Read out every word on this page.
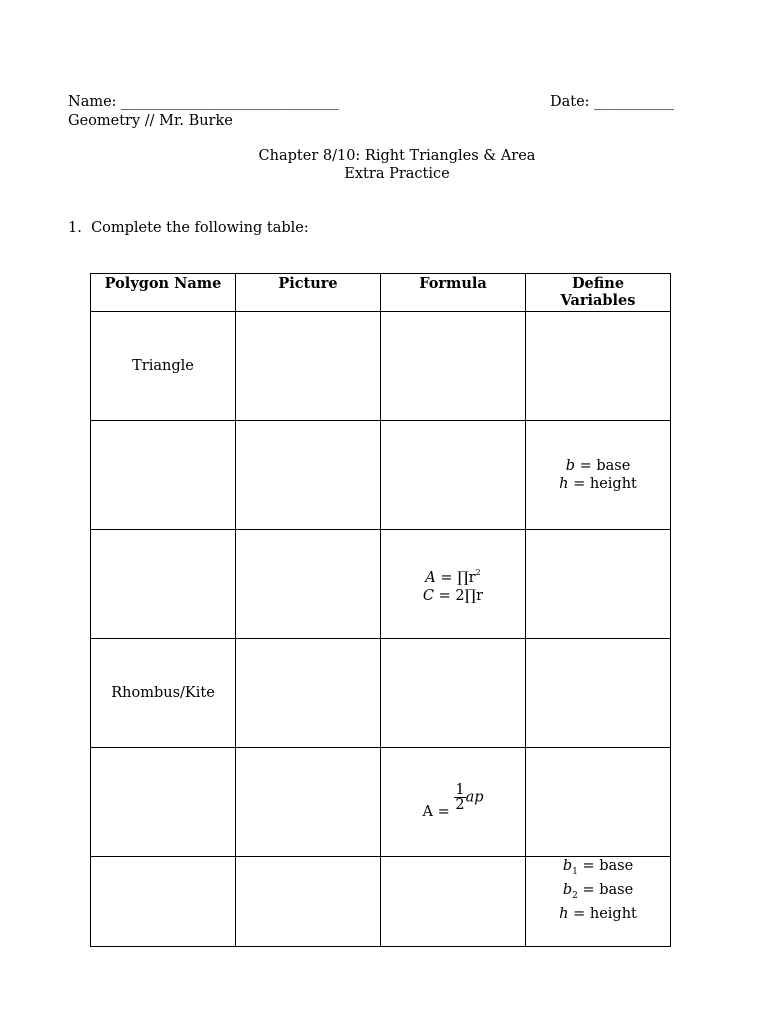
Name: ______________________________	Date: ___________
Geometry // Mr. Burke
Chapter 8/10: Right Triangles & Area
Extra Practice
1. Complete the following table:
Polygon Name	Picture	Formula	Define
Variables
Triangle			
			b = base
h = height
		$A = \prod r^2$
C = 2∏r	
Rhombus/Kite			
		$A = \frac{1}{2}$ ap	
			$b_1$ = base
$b_2$ = base
h = height
